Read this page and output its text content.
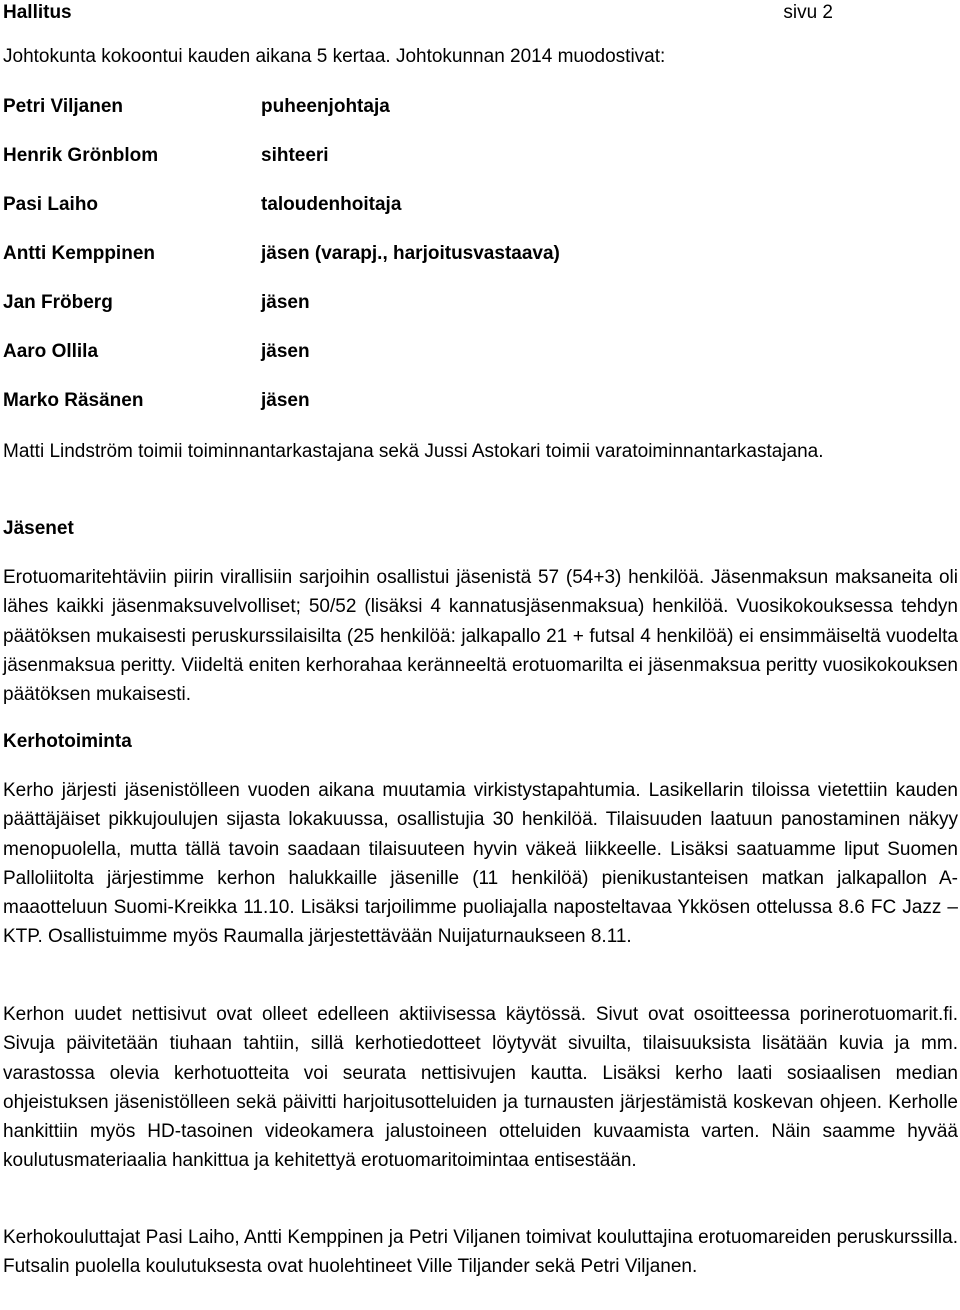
Hallitus	sivu 2
Johtokunta kokoontui kauden aikana 5 kertaa. Johtokunnan 2014 muodostivat:
Petri Viljanen	puheenjohtaja
Henrik Grönblom	sihteeri
Pasi Laiho	taloudenhoitaja
Antti Kemppinen	jäsen (varapj., harjoitusvastaava)
Jan Fröberg	jäsen
Aaro Ollila	jäsen
Marko Räsänen	jäsen

Matti Lindström toimii toiminnantarkastajana sekä Jussi Astokari toimii varatoiminnantarkastajana.

Jäsenet

Erotuomaritehtäviin piirin virallisiin sarjoihin osallistui jäsenistä 57 (54+3) henkilöä. Jäsenmaksun maksaneita oli lähes kaikki jäsenmaksuvelvolliset; 50/52 (lisäksi 4 kannatusjäsenmaksua) henkilöä. Vuosikokouksessa tehdyn päätöksen mukaisesti peruskurssilaisilta (25 henkilöä: jalkapallo 21 + futsal 4 henkilöä) ei ensimmäiseltä vuodelta jäsenmaksua peritty. Viideltä eniten kerhorahaa keränneeltä erotuomarilta ei jäsenmaksua peritty vuosikokouksen päätöksen mukaisesti.

Kerhotoiminta

Kerho järjesti jäsenistölleen vuoden aikana muutamia virkistystapahtumia. Lasikellarin tiloissa vietettiin kauden päättäjäiset pikkujoulujen sijasta lokakuussa, osallistujia 30 henkilöä. Tilaisuuden laatuun panostaminen näkyy menopuolella, mutta tällä tavoin saadaan tilaisuuteen hyvin väkeä liikkeelle. Lisäksi saatuamme liput Suomen Palloliitolta järjestimme kerhon halukkaille jäsenille (11 henkilöä) pienikustanteisen matkan jalkapallon A-maaotteluun Suomi-Kreikka 11.10. Lisäksi tarjoilimme puoliajalla naposteltavaa Ykkösen ottelussa 8.6 FC Jazz – KTP. Osallistuimme myös Raumalla järjestettävään Nuijaturnaukseen 8.11.

Kerhon uudet nettisivut ovat olleet edelleen aktiivisessa käytössä. Sivut ovat osoitteessa porinerotuomarit.fi. Sivuja päivitetään tiuhaan tahtiin, sillä kerhotiedotteet löytyvät sivuilta, tilaisuuksista lisätään kuvia ja mm. varastossa olevia kerhotuotteita voi seurata nettisivujen kautta. Lisäksi kerho laati sosiaalisen median ohjeistuksen jäsenistölleen sekä päivitti harjoitusotteluiden ja turnausten järjestämistä koskevan ohjeen. Kerholle hankittiin myös HD-tasoinen videokamera jalustoineen otteluiden kuvaamista varten. Näin saamme hyvää koulutusmateriaalia hankittua ja kehitettyä erotuomaritoimintaa entisestään.

Kerhokouluttajat Pasi Laiho, Antti Kemppinen ja Petri Viljanen toimivat kouluttajina erotuomareiden peruskurssilla. Futsalin puolella koulutuksesta ovat huolehtineet Ville Tiljander sekä Petri Viljanen.
